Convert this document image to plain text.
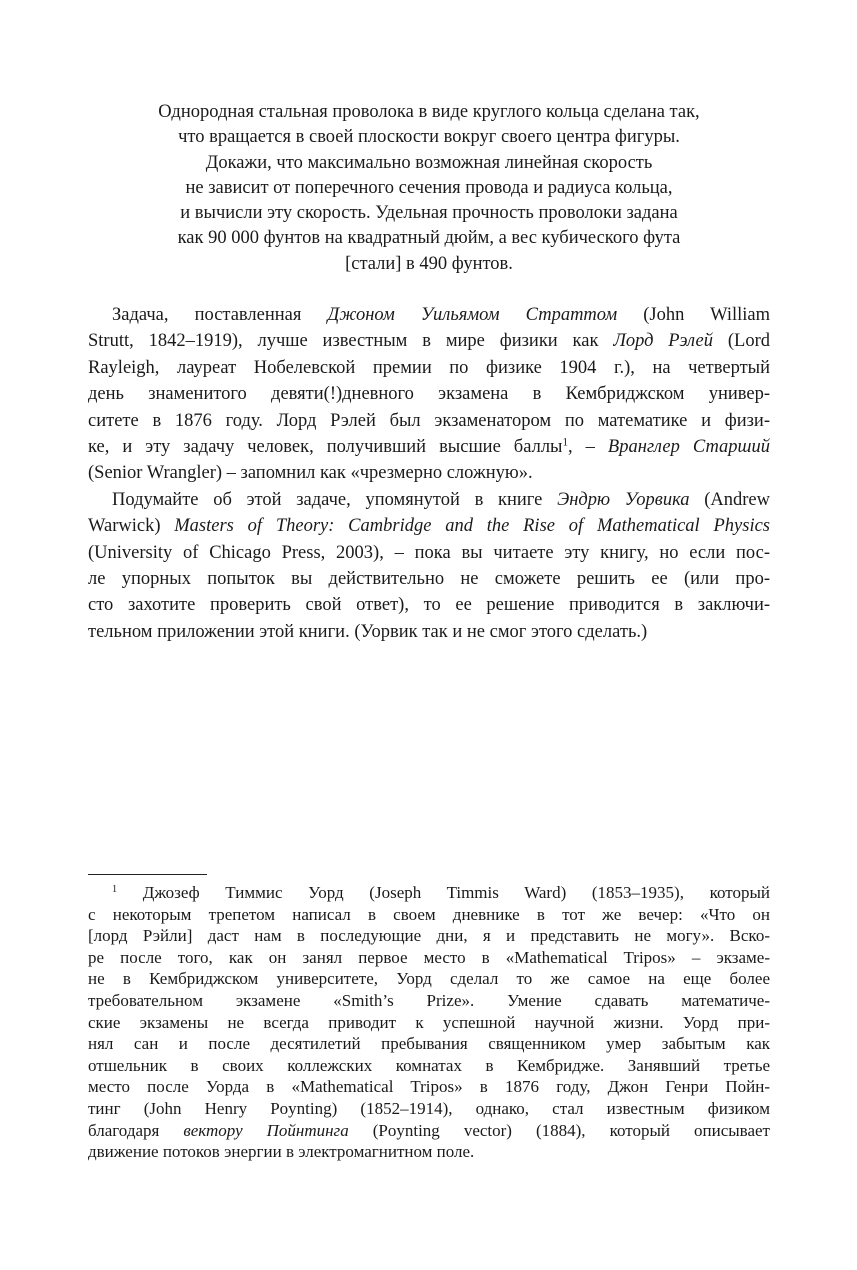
Однородная стальная проволока в виде круглого кольца сделана так,
что вращается в своей плоскости вокруг своего центра фигуры.
Докажи, что максимально возможная линейная скорость
не зависит от поперечного сечения провода и радиуса кольца,
и вычисли эту скорость. Удельная прочность проволоки задана
как 90 000 фунтов на квадратный дюйм, а вес кубического фута
[стали] в 490 фунтов.
Задача, поставленная Джоном Уильямом Страттом (John William
Strutt, 1842–1919), лучше известным в мире физики как Лорд Рэлей (Lord
Rayleigh, лауреат Нобелевской премии по физике 1904 г.), на четвертый
день знаменитого девяти(!)дневного экзамена в Кембриджском универ-
ситете в 1876 году. Лорд Рэлей был экзаменатором по математике и физи-
ке, и эту задачу человек, получивший высшие баллы$^1$, – Вранглер Старший
(Senior Wrangler) – запомнил как «чрезмерно сложную».
Подумайте об этой задаче, упомянутой в книге Эндрю Уорвика (Andrew
Warwick) Masters of Theory: Cambridge and the Rise of Mathematical Physics
(University of Chicago Press, 2003), – пока вы читаете эту книгу, но если пос-
ле упорных попыток вы действительно не сможете решить ее (или про-
сто захотите проверить свой ответ), то ее решение приводится в заключи-
тельном приложении этой книги. (Уорвик так и не смог этого сделать.)
$^1$ Джозеф Тиммис Уорд (Joseph Timmis Ward) (1853–1935), который
с некоторым трепетом написал в своем дневнике в тот же вечер: «Что он
[лорд Рэйли] даст нам в последующие дни, я и представить не могу». Вско-
ре после того, как он занял первое место в «Mathematical Tripos» – экзаме-
не в Кембриджском университете, Уорд сделал то же самое на еще более
требовательном экзамене «Smith’s Prize». Умение сдавать математиче-
ские экзамены не всегда приводит к успешной научной жизни. Уорд при-
нял сан и после десятилетий пребывания священником умер забытым как
отшельник в своих коллежских комнатах в Кембридже. Занявший третье
место после Уорда в «Mathematical Tripos» в 1876 году, Джон Генри Пойн-
тинг (John Henry Poynting) (1852–1914), однако, стал известным физиком
благодаря вектору Пойнтинга (Poynting vector) (1884), который описывает
движение потоков энергии в электромагнитном поле.
